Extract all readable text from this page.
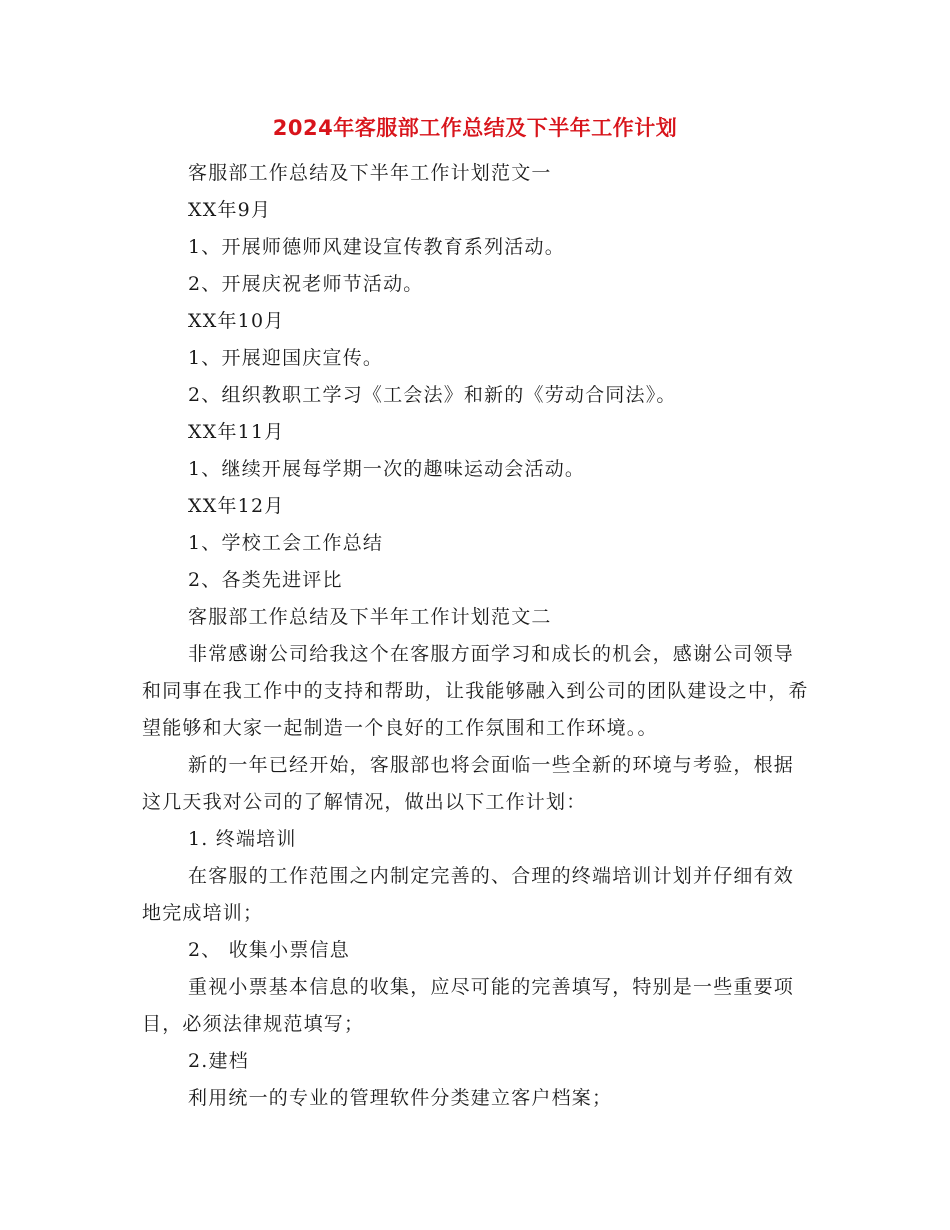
2024年客服部工作总结及下半年工作计划

客服部工作总结及下半年工作计划范文一

XX年9月

1、开展师德师风建设宣传教育系列活动。

2、开展庆祝老师节活动。

XX年10月

1、开展迎国庆宣传。

2、组织教职工学习《工会法》和新的《劳动合同法》。

XX年11月

1、继续开展每学期一次的趣味运动会活动。

XX年12月

1、学校工会工作总结

2、各类先进评比

客服部工作总结及下半年工作计划范文二

非常感谢公司给我这个在客服方面学习和成长的机会，感谢公司领导和同事在我工作中的支持和帮助，让我能够融入到公司的团队建设之中，希望能够和大家一起制造一个良好的工作氛围和工作环境。。

新的一年已经开始，客服部也将会面临一些全新的环境与考验，根据这几天我对公司的了解情况，做出以下工作计划：

1. 终端培训

在客服的工作范围之内制定完善的、合理的终端培训计划并仔细有效地完成培训；

2、 收集小票信息

重视小票基本信息的收集，应尽可能的完善填写，特别是一些重要项目，必须法律规范填写；

2.建档

利用统一的专业的管理软件分类建立客户档案；
